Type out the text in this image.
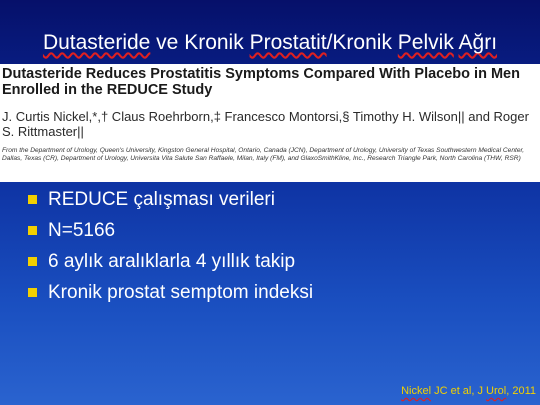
Dutasteride ve Kronik Prostatit/Kronik Pelvik Ağrı

Dutasteride Reduces Prostatitis Symptoms Compared With Placebo in Men Enrolled in the REDUCE Study

J. Curtis Nickel,*,† Claus Roehrborn,‡ Francesco Montorsi,§ Timothy H. Wilson|| and Roger S. Rittmaster||

From the Department of Urology, Queen's University, Kingston General Hospital, Ontario, Canada (JCN), Department of Urology, University of Texas Southwestern Medical Center, Dallas, Texas (CR), Department of Urology, Universita Vita Salute San Raffaele, Milan, Italy (FM), and GlaxoSmithKline, Inc., Research Triangle Park, North Carolina (THW, RSR)

REDUCE çalışması verileri
N=5166
6 aylık aralıklarla 4 yıllık takip
Kronik prostat semptom indeksi
Nickel JC et al, J Urol, 2011
